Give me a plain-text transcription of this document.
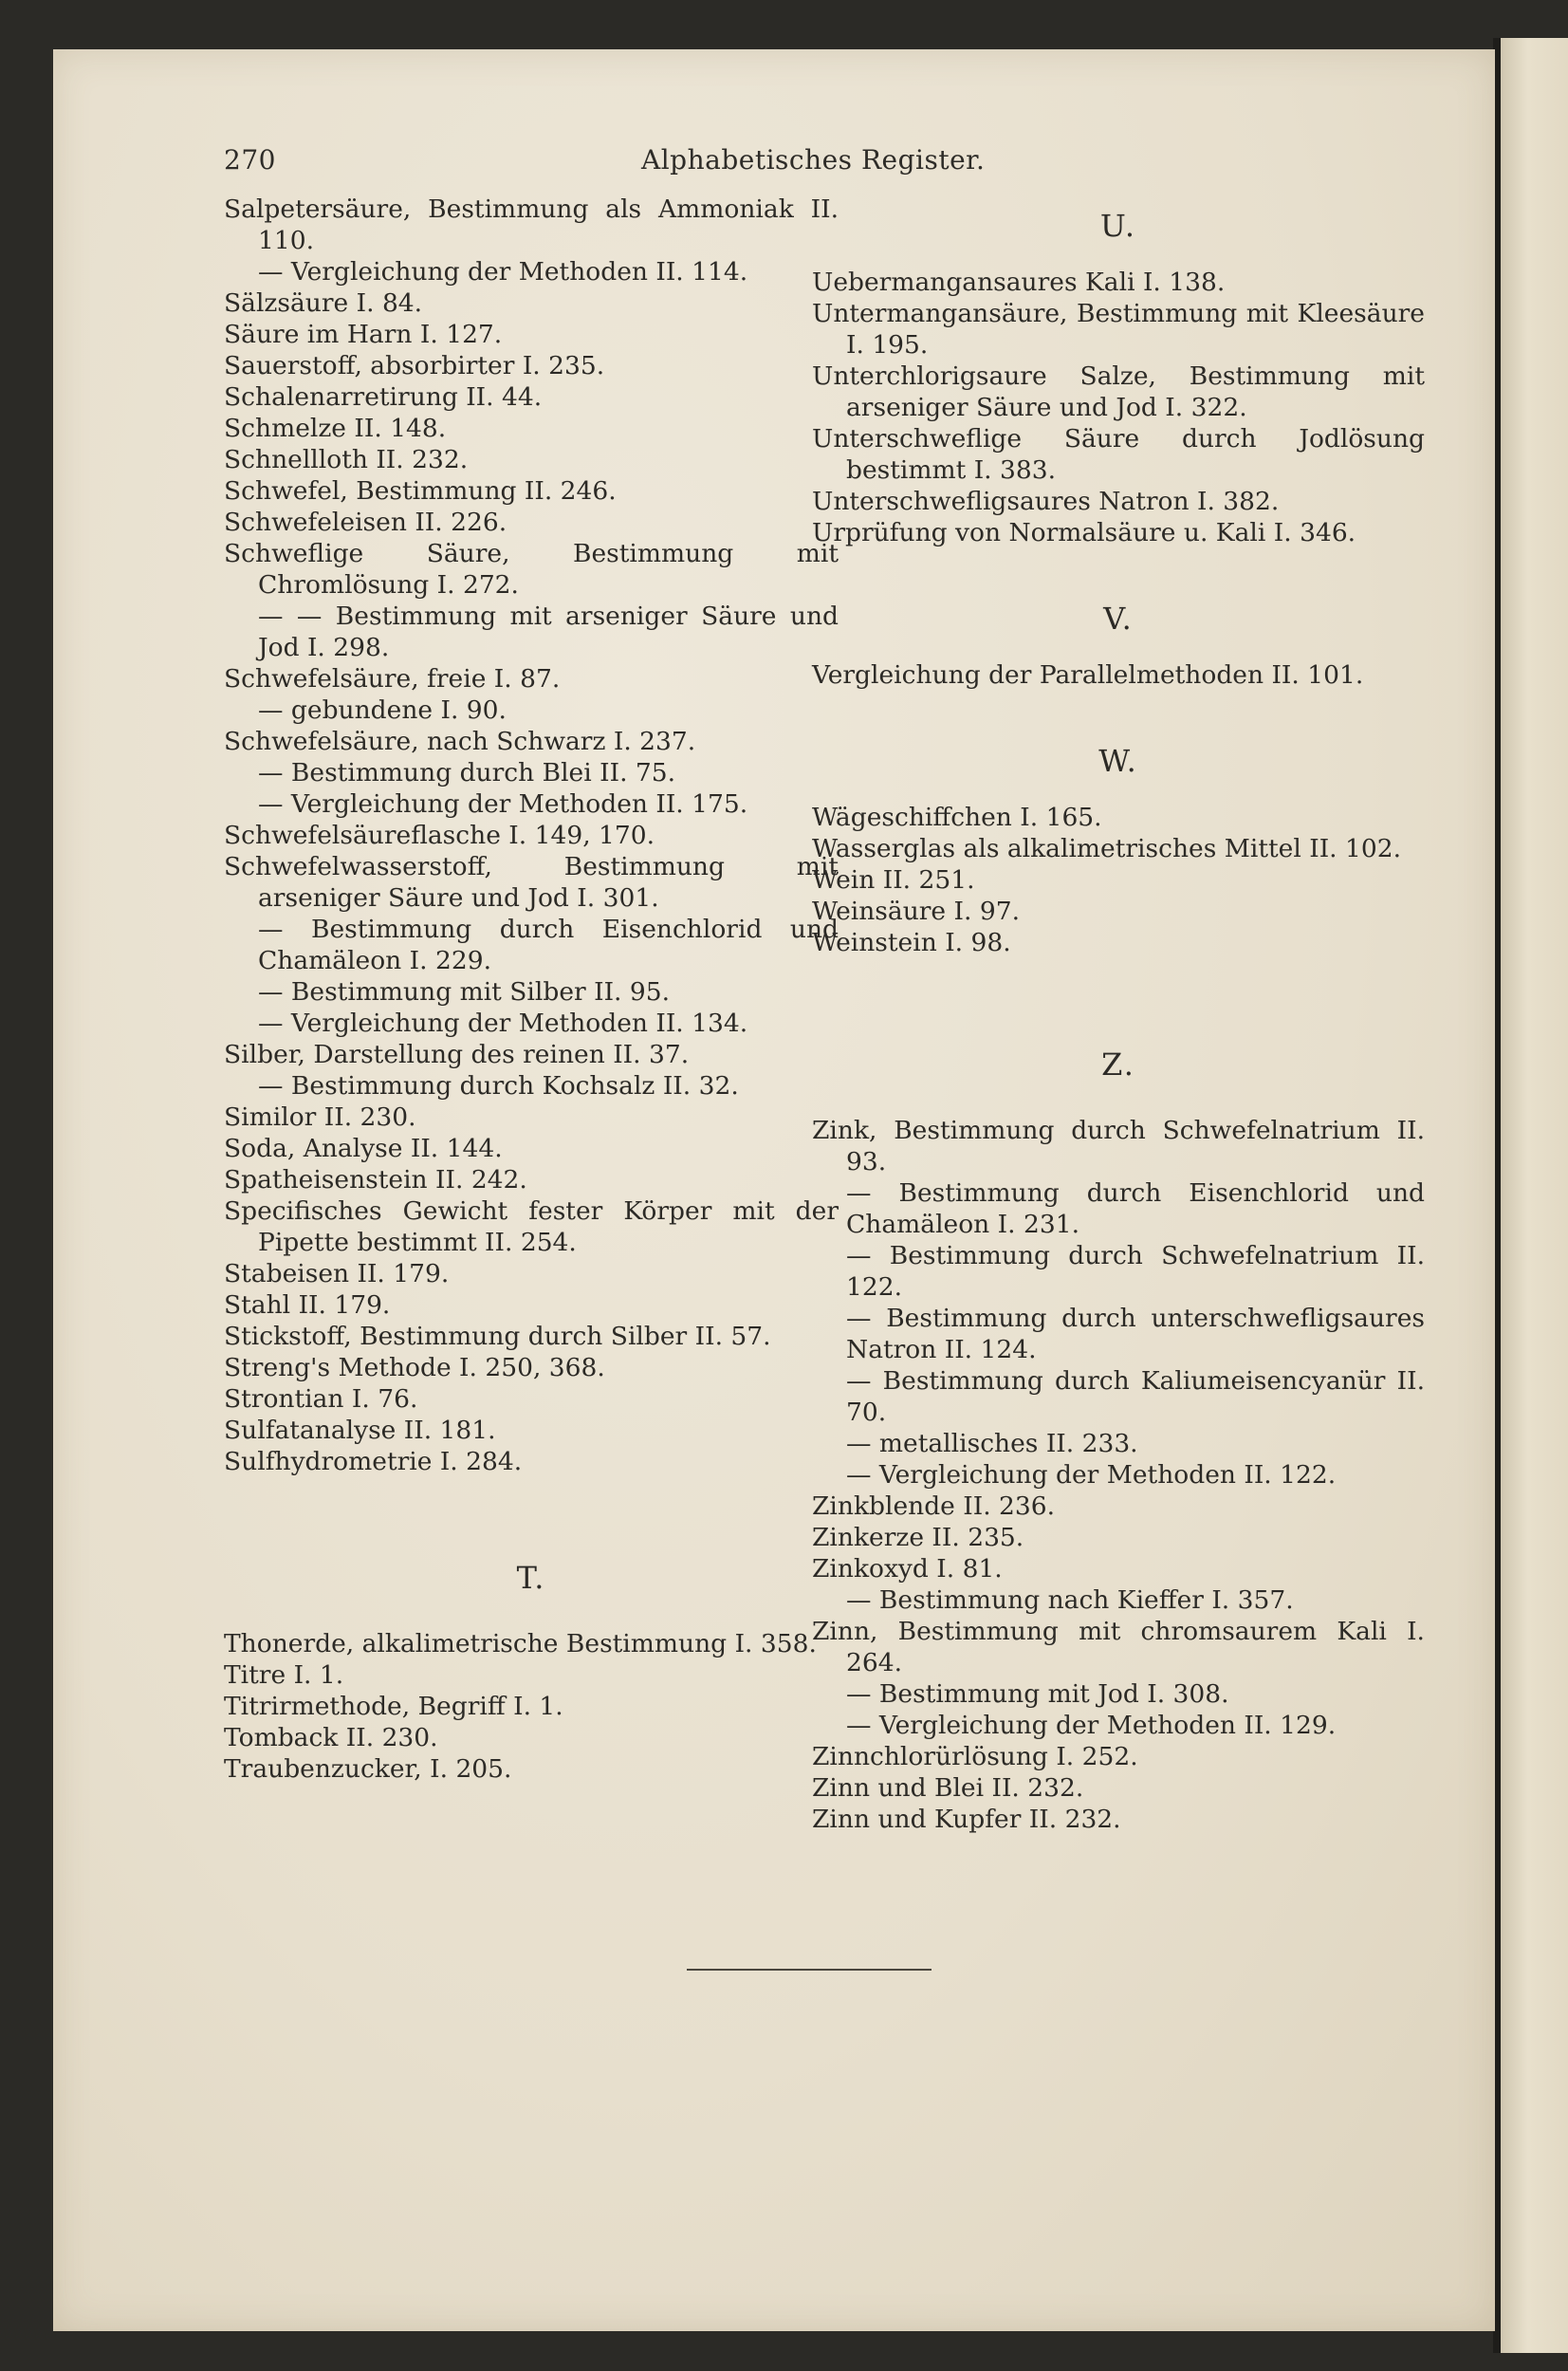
270	Alphabetisches Register.
Salpetersäure, Bestimmung als Ammoniak II. 110.
— Vergleichung der Methoden II. 114.
Sälzsäure I. 84.
Säure im Harn I. 127.
Sauerstoff, absorbirter I. 235.
Schalenarretirung II. 44.
Schmelze II. 148.
Schnellloth II. 232.
Schwefel, Bestimmung II. 246.
Schwefeleisen II. 226.
Schweflige Säure, Bestimmung mit Chromlösung I. 272.
— — Bestimmung mit arseniger Säure und Jod I. 298.
Schwefelsäure, freie I. 87.
— gebundene I. 90.
Schwefelsäure, nach Schwarz I. 237.
— Bestimmung durch Blei II. 75.
— Vergleichung der Methoden II. 175.
Schwefelsäureflasche I. 149, 170.
Schwefelwasserstoff, Bestimmung mit arseniger Säure und Jod I. 301.
— Bestimmung durch Eisenchlorid und Chamäleon I. 229.
— Bestimmung mit Silber II. 95.
— Vergleichung der Methoden II. 134.
Silber, Darstellung des reinen II. 37.
— Bestimmung durch Kochsalz II. 32.
Similor II. 230.
Soda, Analyse II. 144.
Spatheisenstein II. 242.
Specifisches Gewicht fester Körper mit der Pipette bestimmt II. 254.
Stabeisen II. 179.
Stahl II. 179.
Stickstoff, Bestimmung durch Silber II. 57.
Streng's Methode I. 250, 368.
Strontian I. 76.
Sulfatanalyse II. 181.
Sulfhydrometrie I. 284.
T.
Thonerde, alkalimetrische Bestimmung I. 358.
Titre I. 1.
Titrirmethode, Begriff I. 1.
Tomback II. 230.
Traubenzucker, I. 205.
U.
Uebermangansaures Kali I. 138.
Untermangansäure, Bestimmung mit Kleesäure I. 195.
Unterchlorigsaure Salze, Bestimmung mit arseniger Säure und Jod I. 322.
Unterschweflige Säure durch Jodlösung bestimmt I. 383.
Unterschwefligsaures Natron I. 382.
Urprüfung von Normalsäure u. Kali I. 346.
V.
Vergleichung der Parallelmethoden II. 101.
W.
Wägeschiffchen I. 165.
Wasserglas als alkalimetrisches Mittel II. 102.
Wein II. 251.
Weinsäure I. 97.
Weinstein I. 98.
Z.
Zink, Bestimmung durch Schwefelnatrium II. 93.
— Bestimmung durch Eisenchlorid und Chamäleon I. 231.
— Bestimmung durch Schwefelnatrium II. 122.
— Bestimmung durch unterschwefligsaures Natron II. 124.
— Bestimmung durch Kaliumeisencyanür II. 70.
— metallisches II. 233.
— Vergleichung der Methoden II. 122.
Zinkblende II. 236.
Zinkerze II. 235.
Zinkoxyd I. 81.
— Bestimmung nach Kieffer I. 357.
Zinn, Bestimmung mit chromsaurem Kali I. 264.
— Bestimmung mit Jod I. 308.
— Vergleichung der Methoden II. 129.
Zinnchlorürlösung I. 252.
Zinn und Blei II. 232.
Zinn und Kupfer II. 232.
